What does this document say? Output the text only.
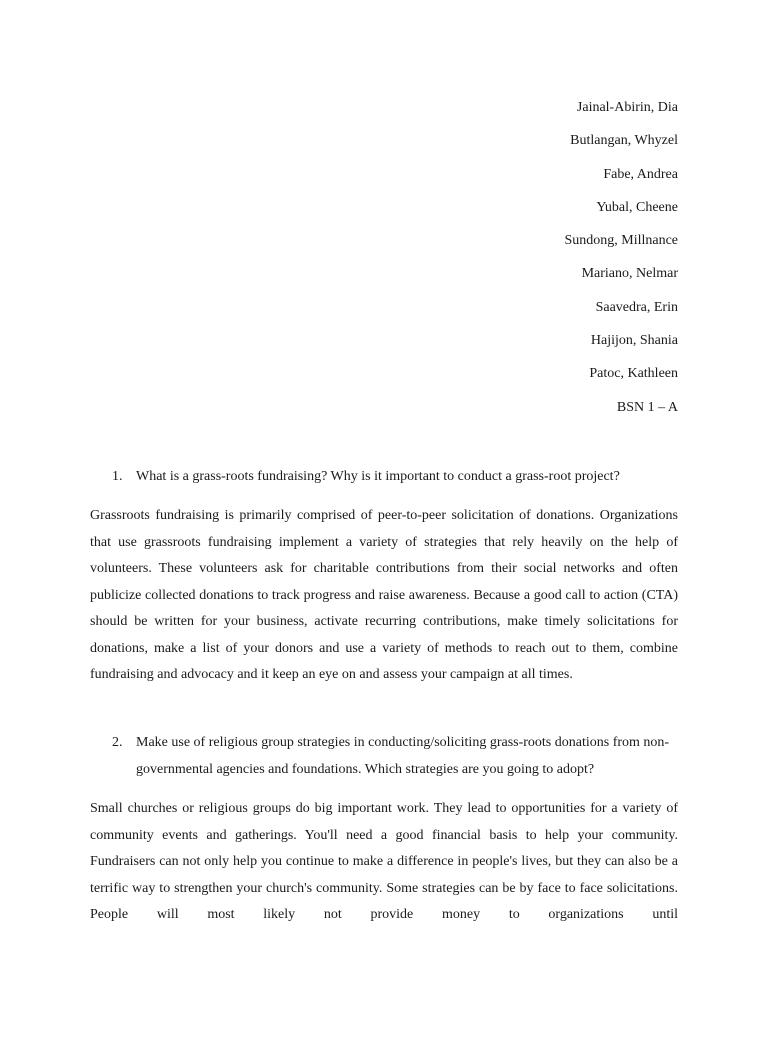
Jainal-Abirin, Dia
Butlangan, Whyzel
Fabe, Andrea
Yubal, Cheene
Sundong, Millnance
Mariano, Nelmar
Saavedra, Erin
Hajijon, Shania
Patoc, Kathleen
BSN 1 – A
1. What is a grass-roots fundraising? Why is it important to conduct a grass-root project?

Grassroots fundraising is primarily comprised of peer-to-peer solicitation of donations. Organizations that use grassroots fundraising implement a variety of strategies that rely heavily on the help of volunteers. These volunteers ask for charitable contributions from their social networks and often publicize collected donations to track progress and raise awareness. Because a good call to action (CTA) should be written for your business, activate recurring contributions, make timely solicitations for donations, make a list of your donors and use a variety of methods to reach out to them, combine fundraising and advocacy and it keep an eye on and assess your campaign at all times.

2. Make use of religious group strategies in conducting/soliciting grass-roots donations from non-governmental agencies and foundations. Which strategies are you going to adopt?

Small churches or religious groups do big important work. They lead to opportunities for a variety of community events and gatherings. You'll need a good financial basis to help your community. Fundraisers can not only help you continue to make a difference in people's lives, but they can also be a terrific way to strengthen your church's community. Some strategies can be by face to face solicitations. People will most likely not provide money to organizations until
